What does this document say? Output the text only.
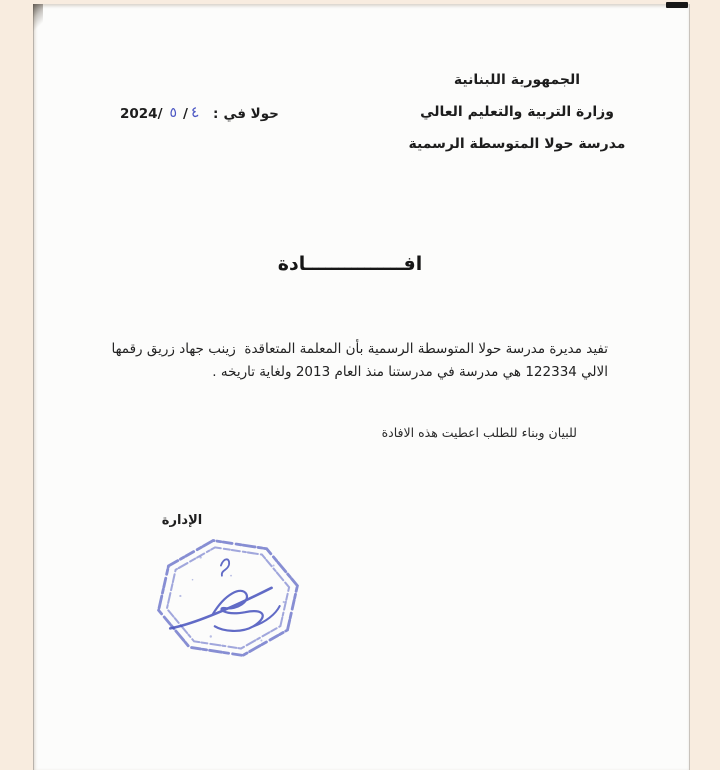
الجمهورية اللبنانية
وزارة التربية والتعليم العالي
مدرسة حولا المتوسطة الرسمية
2024/ ٥ / ٤ : حولا في
افـــــــــــــــادة
تفيد مديرة مدرسة حولا المتوسطة الرسمية بأن المعلمة المتعاقدة  زينب جهاد زريق رقمها الالي 122334 هي مدرسة في مدرستنا منذ العام 2013 ولغاية تاريخه .
للبيان وبناء للطلب اعطيت هذه الافادة
الإدارة
